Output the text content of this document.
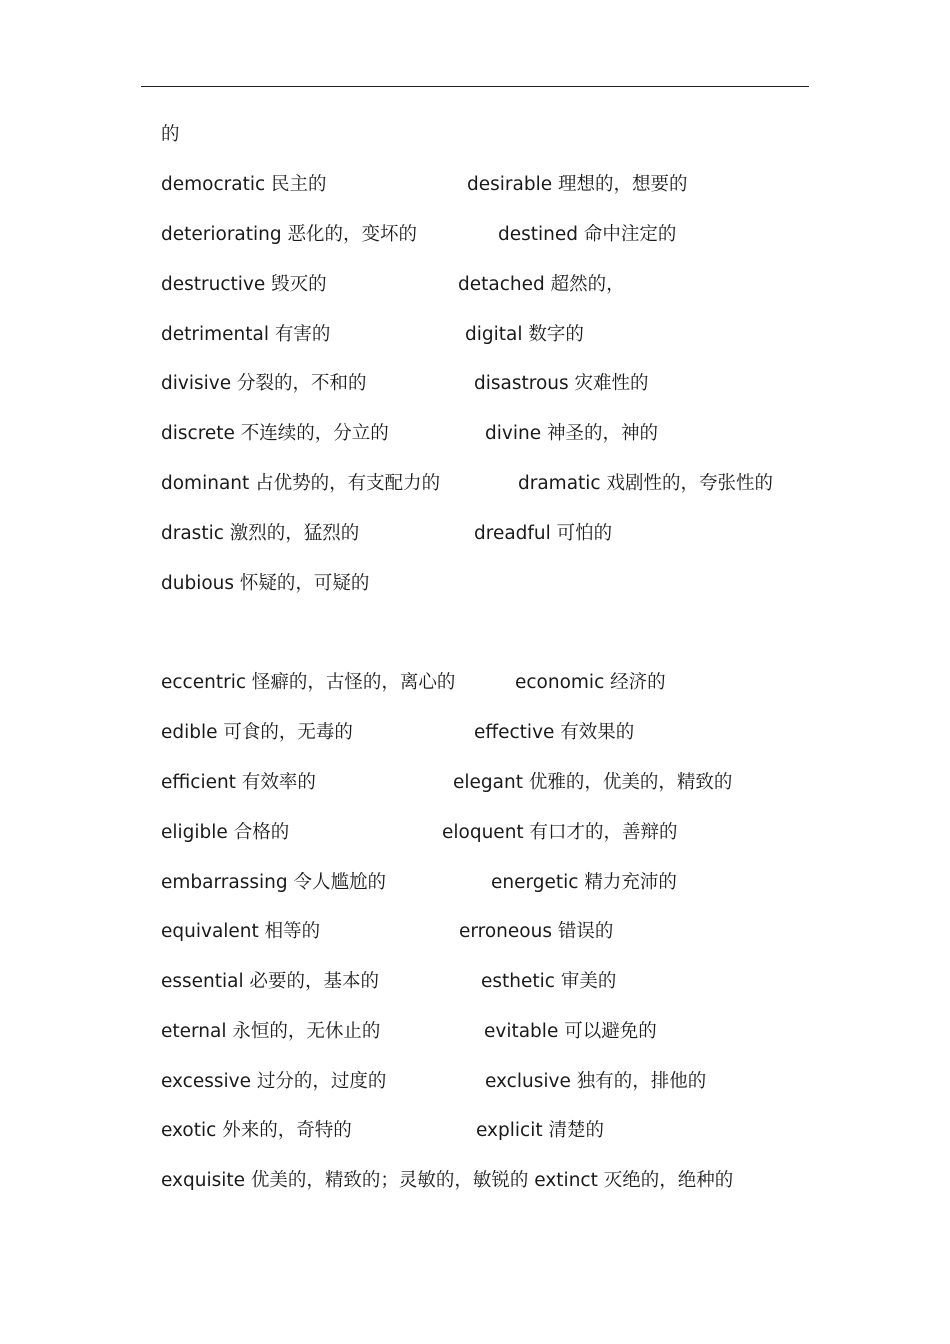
的
democratic 民主的	desirable 理想的，想要的
deteriorating 恶化的，变坏的	destined 命中注定的
destructive 毁灭的	detached 超然的，
detrimental 有害的	digital 数字的
divisive 分裂的，不和的	disastrous 灾难性的
discrete 不连续的，分立的	divine 神圣的，神的
dominant 占优势的，有支配力的	dramatic 戏剧性的，夸张性的
drastic 激烈的，猛烈的	dreadful 可怕的
dubious 怀疑的，可疑的
eccentric 怪癖的，古怪的，离心的	economic 经济的
edible 可食的，无毒的	effective 有效果的
efficient 有效率的	elegant 优雅的，优美的，精致的
eligible 合格的	eloquent 有口才的，善辩的
embarrassing 令人尴尬的	energetic 精力充沛的
equivalent 相等的	erroneous 错误的
essential 必要的，基本的	esthetic 审美的
eternal 永恒的，无休止的	evitable 可以避免的
excessive 过分的，过度的	exclusive 独有的，排他的
exotic 外来的，奇特的	explicit 清楚的
exquisite 优美的，精致的；灵敏的，敏锐的 extinct 灭绝的，绝种的
